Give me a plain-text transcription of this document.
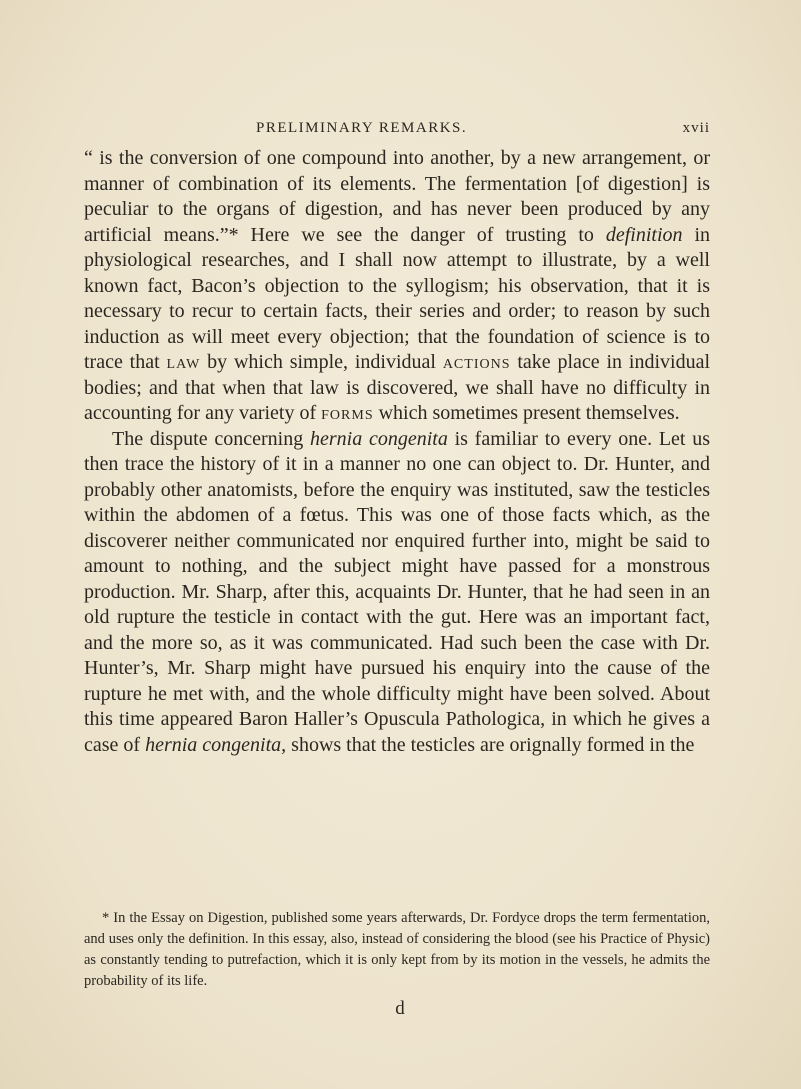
PRELIMINARY REMARKS.	xvii

“ is the conversion of one compound into another, by a new arrangement, or manner of combination of its elements. The fermentation [of digestion] is peculiar to the organs of digestion, and has never been produced by any artificial means.”* Here we see the danger of trusting to definition in physiological researches, and I shall now attempt to illustrate, by a well known fact, Bacon’s objection to the syllogism; his observation, that it is necessary to recur to certain facts, their series and order; to reason by such induction as will meet every objection; that the foundation of science is to trace that law by which simple, individual actions take place in individual bodies; and that when that law is discovered, we shall have no difficulty in accounting for any variety of forms which sometimes present themselves.

The dispute concerning hernia congenita is familiar to every one. Let us then trace the history of it in a manner no one can object to. Dr. Hunter, and probably other anatomists, before the enquiry was instituted, saw the testicles within the abdomen of a fœtus. This was one of those facts which, as the discoverer neither communicated nor enquired further into, might be said to amount to nothing, and the subject might have passed for a monstrous production. Mr. Sharp, after this, acquaints Dr. Hunter, that he had seen in an old rupture the testicle in contact with the gut. Here was an important fact, and the more so, as it was communicated. Had such been the case with Dr. Hunter’s, Mr. Sharp might have pursued his enquiry into the cause of the rupture he met with, and the whole difficulty might have been solved. About this time appeared Baron Haller’s Opuscula Pathologica, in which he gives a case of hernia congenita, shows that the testicles are orignally formed in the

* In the Essay on Digestion, published some years afterwards, Dr. Fordyce drops the term fermentation, and uses only the definition. In this essay, also, instead of considering the blood (see his Practice of Physic) as constantly tending to putrefaction, which it is only kept from by its motion in the vessels, he admits the probability of its life.
d
